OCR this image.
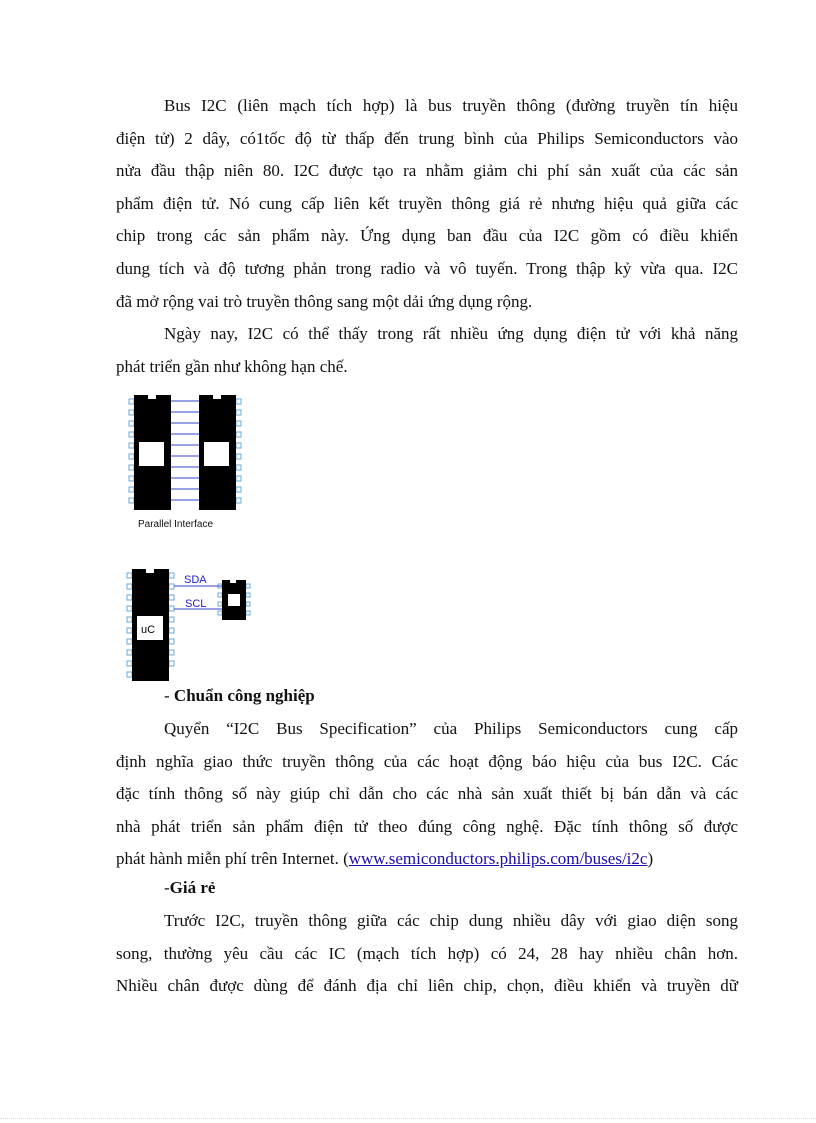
Bus I2C (liên mạch tích hợp) là bus truyền thông (đường truyền tín hiệu
điện tử) 2 dây, có1tốc độ từ thấp đến trung bình của Philips Semiconductors vào
nửa đầu thập niên 80. I2C được tạo ra nhằm giảm chi phí sản xuất của các sản
phẩm điện tử. Nó cung cấp liên kết truyền thông giá rẻ nhưng hiệu quả giữa các
chip trong các sản phẩm này. Ứng dụng ban đầu của I2C gồm có điều khiển
dung tích và độ tương phản trong radio và vô tuyến. Trong thập kỷ vừa qua. I2C
đã mở rộng vai trò truyền thông sang một dải ứng dụng rộng.
Ngày nay, I2C có thể thấy trong rất nhiều ứng dụng điện tử với khả năng
phát triển gần như không hạn chế.
Parallel Interface
SDA
SCL
uC

- Chuẩn công nghiệp

Quyển “I2C Bus Specification” của Philips Semiconductors cung cấp
định nghĩa giao thức truyền thông của các hoạt động báo hiệu của bus I2C. Các
đặc tính thông số này giúp chỉ dẫn cho các nhà sản xuất thiết bị bán dẫn và các
nhà phát triển sản phẩm điện tử theo đúng công nghệ. Đặc tính thông số được
phát hành miễn phí trên Internet. (www.semiconductors.philips.com/buses/i2c)

-Giá rẻ

Trước I2C, truyền thông giữa các chip dung nhiều dây với giao diện song
song, thường yêu cầu các IC (mạch tích hợp) có 24, 28 hay nhiều chân hơn.
Nhiều chân được dùng để đánh địa chỉ liên chip, chọn, điều khiển và truyền dữ
